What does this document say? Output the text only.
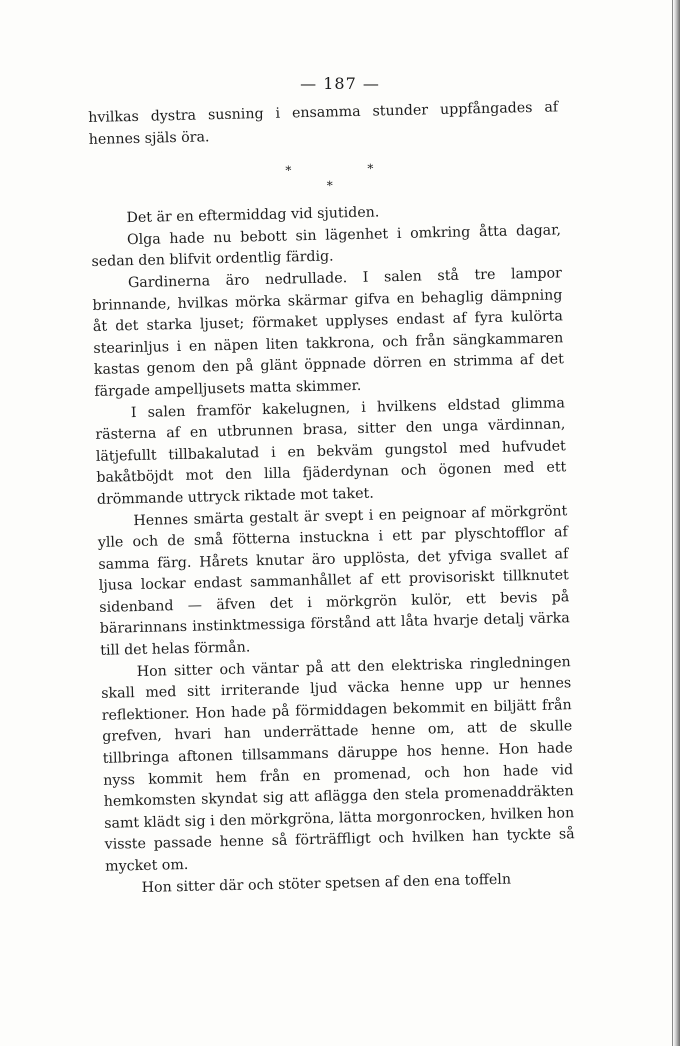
— 187 —

hvilkas dystra susning i ensamma stunder uppfångades af hennes själs öra.

*	*
*

Det är en eftermiddag vid sjutiden.

Olga hade nu bebott sin lägenhet i omkring åtta dagar, sedan den blifvit ordentlig färdig.

Gardinerna äro nedrullade. I salen stå tre lampor brinnande, hvilkas mörka skärmar gifva en behaglig dämpning åt det starka ljuset; förmaket upplyses endast af fyra kulörta stearinljus i en näpen liten takkrona, och från sängkammaren kastas genom den på glänt öppnade dörren en strimma af det färgade ampelljusets matta skimmer.

I salen framför kakelugnen, i hvilkens eldstad glimma rästerna af en utbrunnen brasa, sitter den unga värdinnan, lätjefullt tillbakalutad i en bekväm gungstol med hufvudet bakåtböjdt mot den lilla fjäderdynan och ögonen med ett drömmande uttryck riktade mot taket.

Hennes smärta gestalt är svept i en peignoar af mörkgrönt ylle och de små fötterna instuckna i ett par plyschtofflor af samma färg. Hårets knutar äro upplösta, det yfviga svallet af ljusa lockar endast sammanhållet af ett provisoriskt tillknutet sidenband — äfven det i mörkgrön kulör, ett bevis på bärarinnans instinktmessiga förstånd att låta hvarje detalj värka till det helas förmån.

Hon sitter och väntar på att den elektriska ringledningen skall med sitt irriterande ljud väcka henne upp ur hennes reflektioner. Hon hade på förmiddagen bekommit en biljätt från grefven, hvari han underrättade henne om, att de skulle tillbringa aftonen tillsammans däruppe hos henne. Hon hade nyss kommit hem från en promenad, och hon hade vid hemkomsten skyndat sig att aflägga den stela promenaddräkten samt klädt sig i den mörkgröna, lätta morgonrocken, hvilken hon visste passade henne så förträffligt och hvilken han tyckte så mycket om.

Hon sitter där och stöter spetsen af den ena toffeln
